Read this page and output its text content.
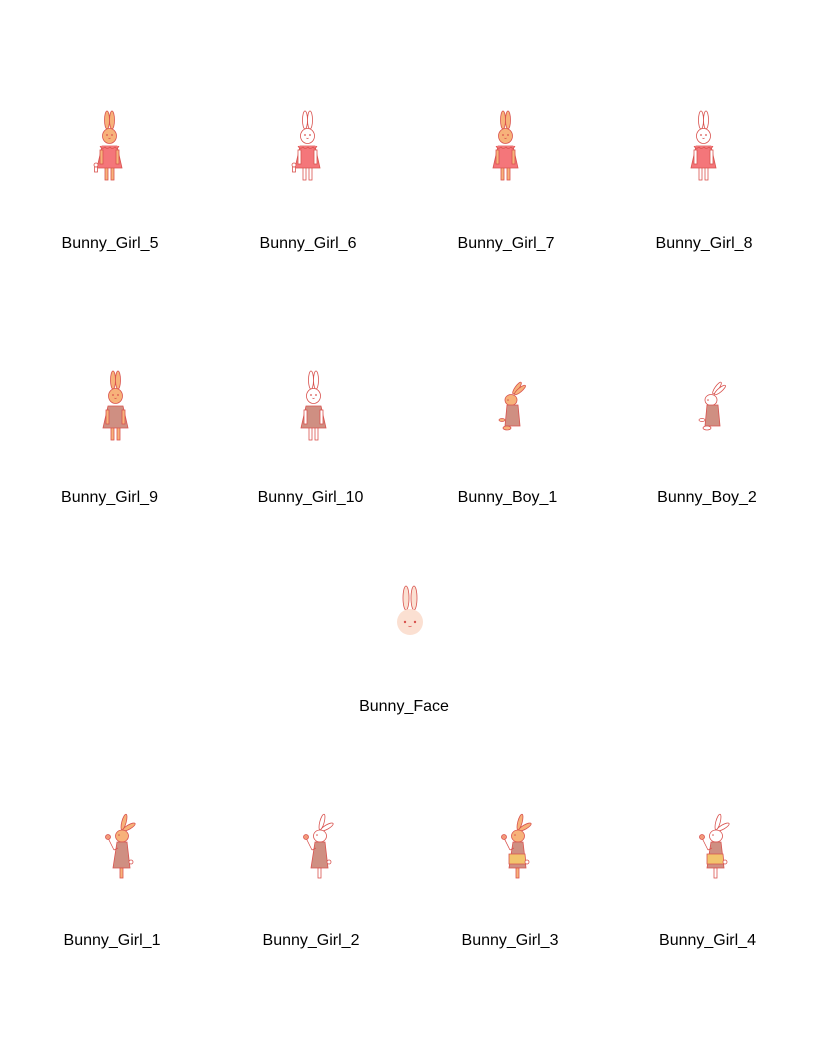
Bunny_Girl_5	Bunny_Girl_6	Bunny_Girl_7	Bunny_Girl_8
Bunny_Girl_9	Bunny_Girl_10	Bunny_Boy_1	Bunny_Boy_2
Bunny_Face
Bunny_Girl_1	Bunny_Girl_2	Bunny_Girl_3	Bunny_Girl_4
